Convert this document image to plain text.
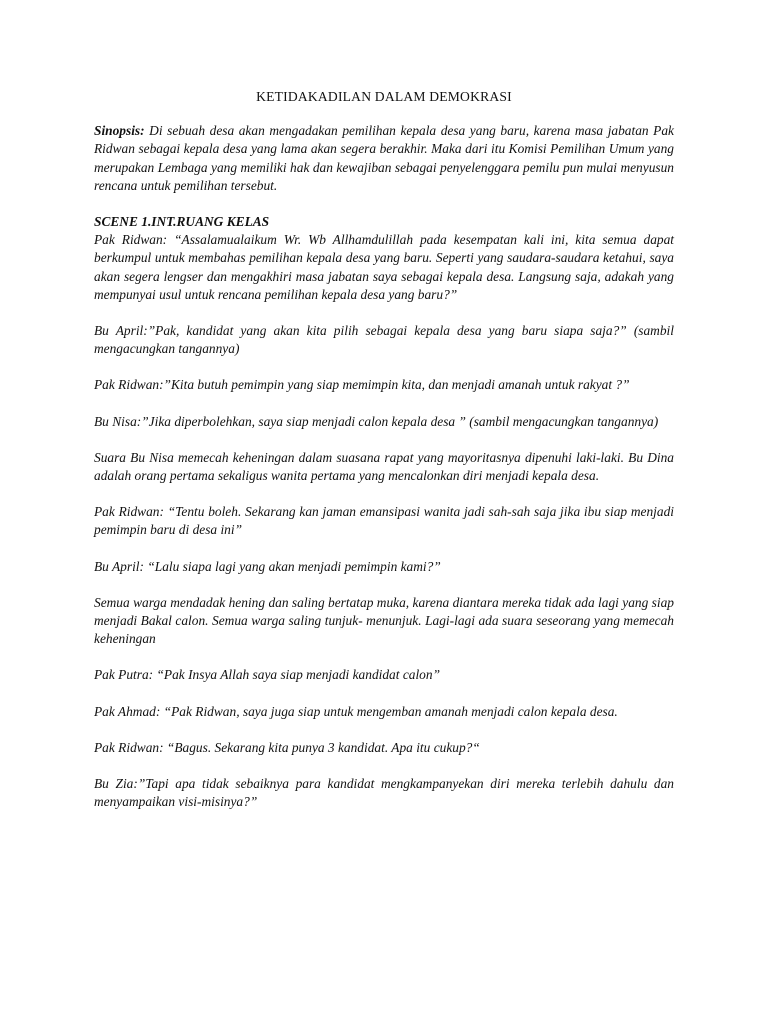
KETIDAKADILAN DALAM DEMOKRASI

Sinopsis: Di sebuah desa akan mengadakan pemilihan kepala desa yang baru, karena masa jabatan Pak Ridwan sebagai kepala desa yang lama akan segera berakhir. Maka dari itu Komisi Pemilihan Umum yang merupakan Lembaga yang memiliki hak dan kewajiban sebagai penyelenggara pemilu pun mulai menyusun rencana untuk pemilihan tersebut.

SCENE 1.INT.RUANG KELAS

Pak Ridwan: “Assalamualaikum Wr. Wb Allhamdulillah pada kesempatan kali ini, kita semua dapat berkumpul untuk membahas pemilihan kepala desa yang baru. Seperti yang saudara-saudara ketahui, saya akan segera lengser dan mengakhiri masa jabatan saya sebagai kepala desa. Langsung saja, adakah yang mempunyai usul untuk rencana pemilihan kepala desa yang baru?”

Bu April:”Pak, kandidat yang akan kita pilih sebagai kepala desa yang baru siapa saja?” (sambil mengacungkan tangannya)

Pak Ridwan:”Kita butuh pemimpin yang siap memimpin kita, dan menjadi amanah untuk rakyat ?”

Bu Nisa:”Jika diperbolehkan, saya siap menjadi calon kepala desa ” (sambil mengacungkan tangannya)

Suara Bu Nisa memecah keheningan dalam suasana rapat yang mayoritasnya dipenuhi laki-laki. Bu Dina adalah orang pertama sekaligus wanita pertama yang mencalonkan diri menjadi kepala desa.

Pak Ridwan: “Tentu boleh. Sekarang kan jaman emansipasi wanita jadi sah-sah saja jika ibu siap menjadi pemimpin baru di desa ini”

Bu April: “Lalu siapa lagi yang akan menjadi pemimpin kami?”

Semua warga mendadak hening dan saling bertatap muka, karena diantara mereka tidak ada lagi yang siap menjadi Bakal calon. Semua warga saling tunjuk- menunjuk. Lagi-lagi ada suara seseorang yang memecah keheningan

Pak Putra: “Pak Insya Allah saya siap menjadi kandidat calon”

Pak Ahmad: “Pak Ridwan, saya juga siap untuk mengemban amanah menjadi calon kepala desa.

Pak Ridwan: “Bagus. Sekarang kita punya 3 kandidat. Apa itu cukup?“

Bu Zia:”Tapi apa tidak sebaiknya para kandidat mengkampanyekan diri mereka terlebih dahulu dan menyampaikan visi-misinya?”
